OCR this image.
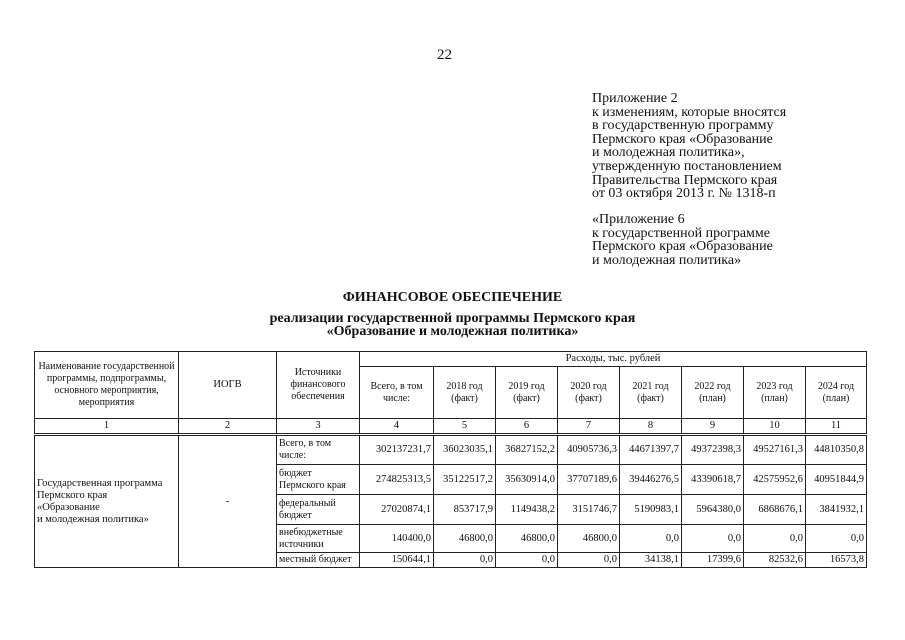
22
Приложение 2
к изменениям, которые вносятся
в государственную программу
Пермского края «Образование
и молодежная политика»,
утвержденную постановлением
Правительства Пермского края
от 03 октября 2013 г. № 1318-п
«Приложение 6
к государственной программе
Пермского края «Образование
и молодежная политика»
ФИНАНСОВОЕ ОБЕСПЕЧЕНИЕ
реализации государственной программы Пермского края
«Образование и молодежная политика»
Наименование государственной программы, подпрограммы, основного мероприятия, мероприятия	ИОГВ	Источники финансового обеспечения	Расходы, тыс. рублей							
			Всего, в том числе:	2018 год (факт)	2019 год (факт)	2020 год (факт)	2021 год (факт)	2022 год (план)	2023 год (план)	2024 год (план)
1	2	3	4	5	6	7	8	9	10	11

Государственная программа
Пермского края
«Образование
и молодежная политика»	-	Всего, в том числе:	302137231,7	36023035,1	36827152,2	40905736,3	44671397,7	49372398,3	49527161,3	44810350,8
		бюджет Пермского края	274825313,5	35122517,2	35630914,0	37707189,6	39446276,5	43390618,7	42575952,6	40951844,9
		федеральный бюджет	27020874,1	853717,9	1149438,2	3151746,7	5190983,1	5964380,0	6868676,1	3841932,1
		внебюджетные источники	140400,0	46800,0	46800,0	46800,0	0,0	0,0	0,0	0,0
		местный бюджет	150644,1	0,0	0,0	0,0	34138,1	17399,6	82532,6	16573,8
